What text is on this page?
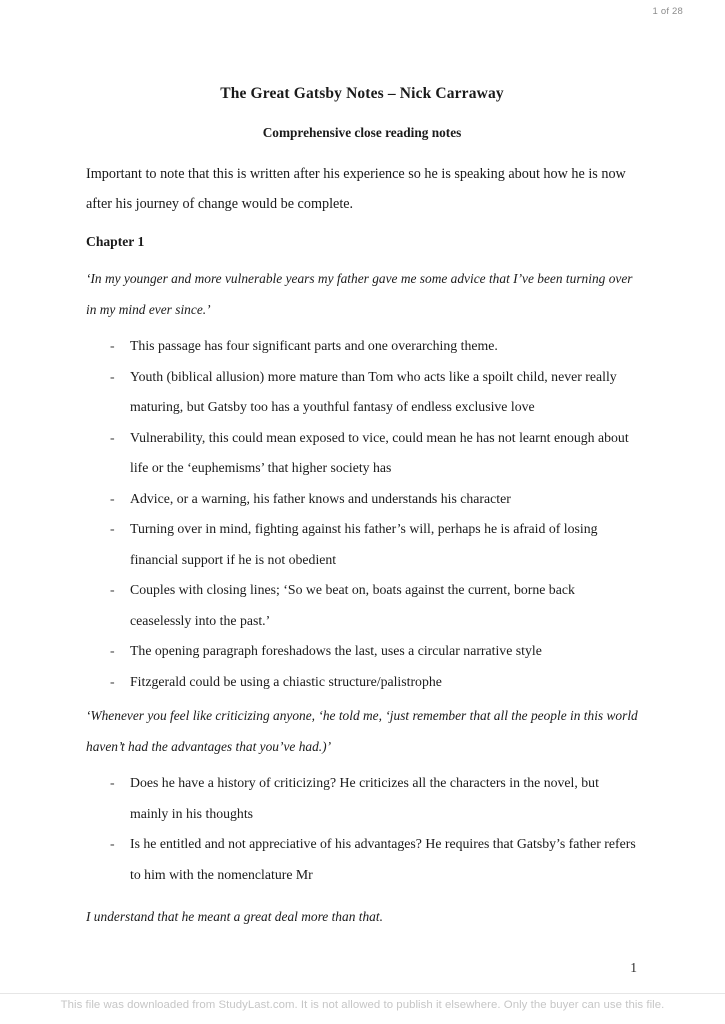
1 of 28
The Great Gatsby Notes – Nick Carraway
Comprehensive close reading notes

Important to note that this is written after his experience so he is speaking about how he is now after his journey of change would be complete.

Chapter 1

‘In my younger and more vulnerable years my father gave me some advice that I’ve been turning over in my mind ever since.’

- This passage has four significant parts and one overarching theme.
- Youth (biblical allusion) more mature than Tom who acts like a spoilt child, never really maturing, but Gatsby too has a youthful fantasy of endless exclusive love
- Vulnerability, this could mean exposed to vice, could mean he has not learnt enough about life or the ‘euphemisms’ that higher society has
- Advice, or a warning, his father knows and understands his character
- Turning over in mind, fighting against his father’s will, perhaps he is afraid of losing financial support if he is not obedient
- Couples with closing lines; ‘So we beat on, boats against the current, borne back ceaselessly into the past.’
- The opening paragraph foreshadows the last, uses a circular narrative style
- Fitzgerald could be using a chiastic structure/palistrophe

‘Whenever you feel like criticizing anyone, ‘he told me, ‘just remember that all the people in this world haven’t had the advantages that you’ve had.)’

- Does he have a history of criticizing? He criticizes all the characters in the novel, but mainly in his thoughts
- Is he entitled and not appreciative of his advantages? He requires that Gatsby’s father refers to him with the nomenclature Mr

I understand that he meant a great deal more than that.

1
This file was downloaded from StudyLast.com. It is not allowed to publish it elsewhere. Only the buyer can use this file.
